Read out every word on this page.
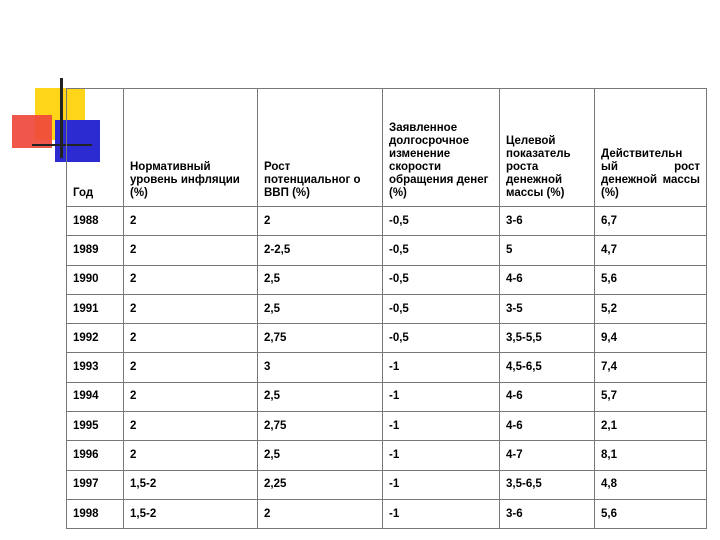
Год	Нормативный уровень инфляции (%)	Рост потенциальног о ВВП (%)	Заявленное долгосрочное изменение скорости обращения денег (%)	Целевой показатель роста денежной массы (%)	Действительн ый рост денежной массы (%)
1988	2	2	-0,5	3-6	6,7
1989	2	2-2,5	-0,5	5	4,7
1990	2	2,5	-0,5	4-6	5,6
1991	2	2,5	-0,5	3-5	5,2
1992	2	2,75	-0,5	3,5-5,5	9,4
1993	2	3	-1	4,5-6,5	7,4
1994	2	2,5	-1	4-6	5,7
1995	2	2,75	-1	4-6	2,1
1996	2	2,5	-1	4-7	8,1
1997	1,5-2	2,25	-1	3,5-6,5	4,8
1998	1,5-2	2	-1	3-6	5,6
